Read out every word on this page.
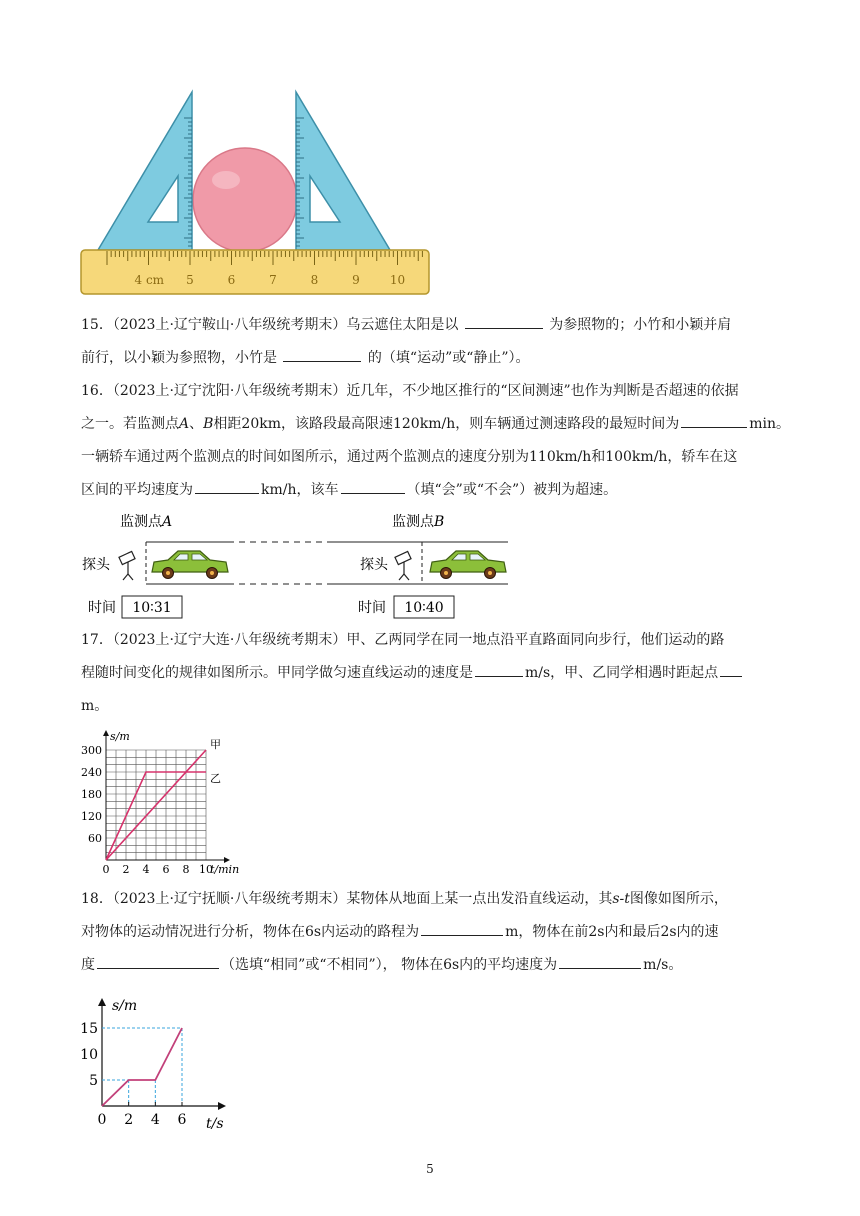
4 cm 5	6	7	8	9	10
15．（2023上·辽宁鞍山·八年级统考期末）乌云遮住太阳是以	为参照物的；小竹和小颖并肩
前行，以小颖为参照物，小竹是	的（填“运动”或“静止”）。
16．（2023上·辽宁沈阳·八年级统考期末）近几年，不少地区推行的“区间测速”也作为判断是否超速的依据
之一。若监测点A、B相距20km，该路段最高限速120km/h，则车辆通过测速路段的最短时间为	min。
一辆轿车通过两个监测点的时间如图所示，通过两个监测点的速度分别为110km/h和100km/h，轿车在这
区间的平均速度为	km/h，该车	（填“会”或“不会”）被判为超速。
监测点A	监测点B
探头	探头
时间 10∶31	时间 10∶40
17．（2023上·辽宁大连·八年级统考期末）甲、乙两同学在同一地点沿平直路面同向步行，他们运动的路
程随时间变化的规律如图所示。甲同学做匀速直线运动的速度是	m/s，甲、乙同学相遇时距起点
m。
0 2 4 6 8 10
60
120
180
240
300
s/m
t/min
甲
乙
18．（2023上·辽宁抚顺·八年级统考期末）某物体从地面上某一点出发沿直线运动，其s-t图像如图所示，
对物体的运动情况进行分析，物体在6s内运动的路程为	m，物体在前2s内和最后2s内的速
度	（选填“相同”或“不相同”）， 物体在6s内的平均速度为	m/s。
0 2 4 6
5
10
15
s/m
t/s
5
